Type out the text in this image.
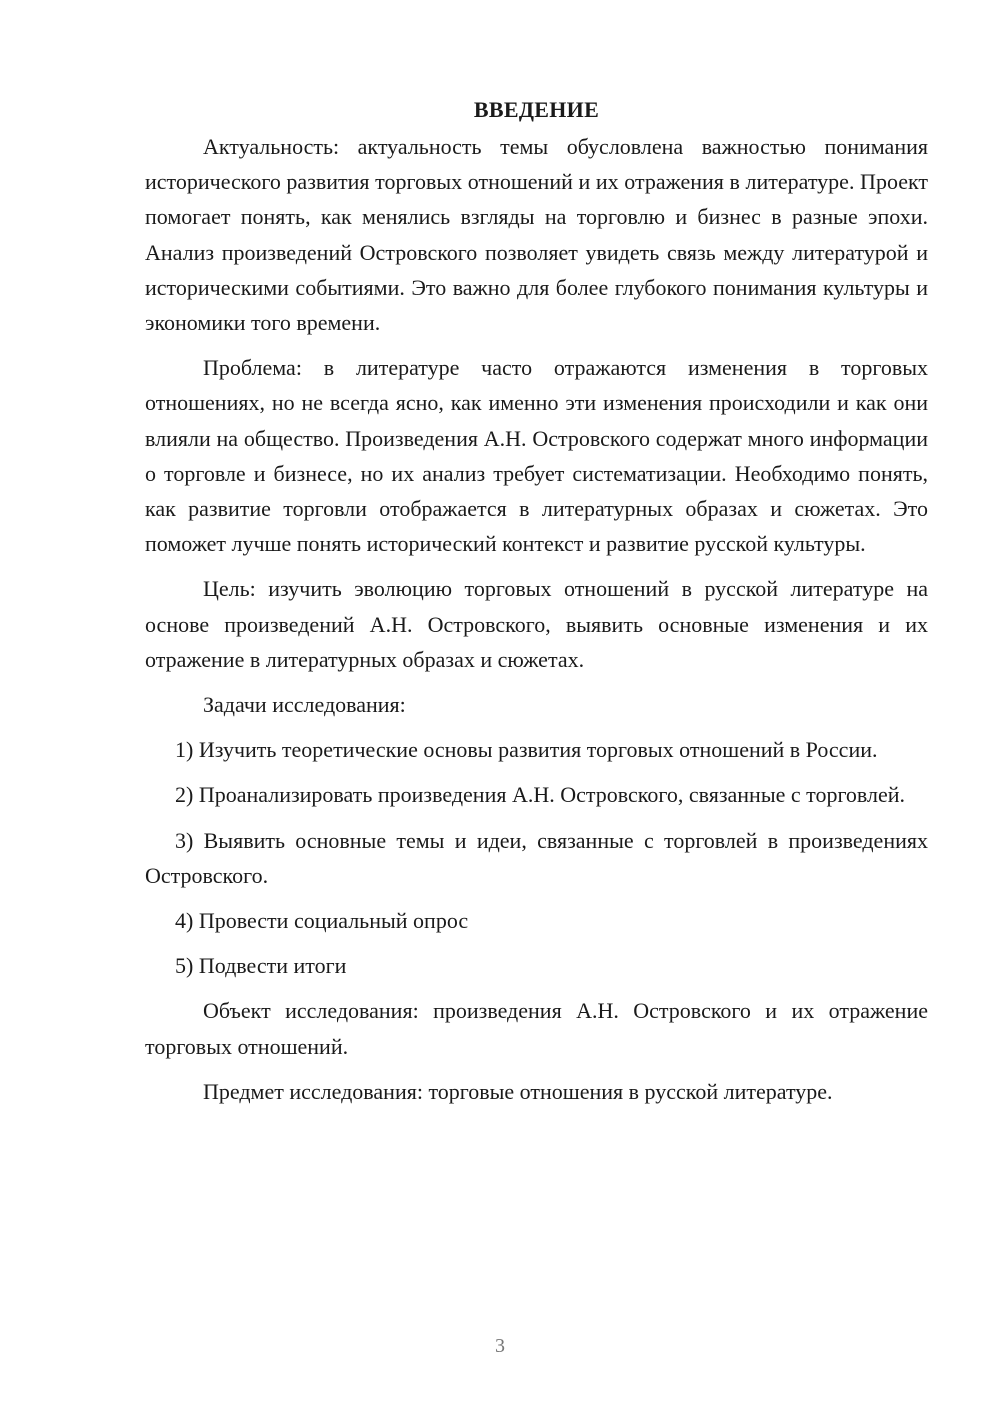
ВВЕДЕНИЕ

Актуальность: актуальность темы обусловлена важностью понимания исторического развития торговых отношений и их отражения в литературе. Проект помогает понять, как менялись взгляды на торговлю и бизнес в разные эпохи. Анализ произведений Островского позволяет увидеть связь между литературой и историческими событиями. Это важно для более глубокого понимания культуры и экономики того времени.

Проблема: в литературе часто отражаются изменения в торговых отношениях, но не всегда ясно, как именно эти изменения происходили и как они влияли на общество. Произведения А.Н. Островского содержат много информации о торговле и бизнесе, но их анализ требует систематизации. Необходимо понять, как развитие торговли отображается в литературных образах и сюжетах. Это поможет лучше понять исторический контекст и развитие русской культуры.

Цель: изучить эволюцию торговых отношений в русской литературе на основе произведений А.Н. Островского, выявить основные изменения и их отражение в литературных образах и сюжетах.

Задачи исследования:

1) Изучить теоретические основы развития торговых отношений в России.

2) Проанализировать произведения А.Н. Островского, связанные с торговлей.

3) Выявить основные темы и идеи, связанные с торговлей в произведениях Островского.

4) Провести социальный опрос

5) Подвести итоги

Объект исследования: произведения А.Н. Островского и их отражение торговых отношений.

Предмет исследования: торговые отношения в русской литературе.

3
